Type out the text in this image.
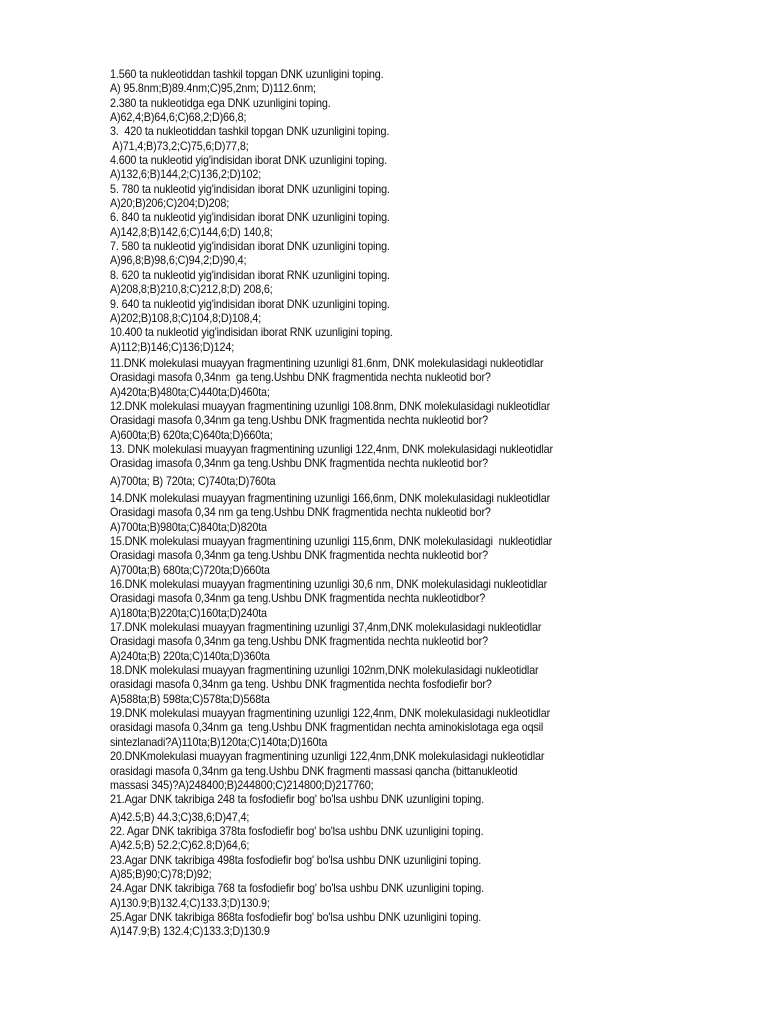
1.560 ta nukleotiddan tashkil topgan DNK uzunligini toping.
A) 95.8nm;B)89.4nm;C)95,2nm; D)112.6nm;
2.380 ta nukleotidga ega DNK uzunligini toping.
A)62,4;B)64,6;C)68,2;D)66,8;
3.  420 ta nukleotiddan tashkil topgan DNK uzunligini toping.
A)71,4;B)73,2;C)75,6;D)77,8;
4.600 ta nukleotid yig'indisidan iborat DNK uzunligini toping.
A)132,6;B)144,2;C)136,2;D)102;
5. 780 ta nukleotid yig'indisidan iborat DNK uzunligini toping.
A)20;B)206;C)204;D)208;
6. 840 ta nukleotid yig'indisidan iborat DNK uzunligini toping.
A)142,8;B)142,6;C)144,6;D) 140,8;
7. 580 ta nukleotid yig'indisidan iborat DNK uzunligini toping.
A)96,8;B)98,6;C)94,2;D)90,4;
8. 620 ta nukleotid yig'indisidan iborat RNK uzunligini toping.
A)208,8;B)210,8;C)212,8;D) 208,6;
9. 640 ta nukleotid yig'indisidan iborat DNK uzunligini toping.
A)202;B)108,8;C)104,8;D)108,4;
10.400 ta nukleotid yig'indisidan iborat RNK uzunligini toping.
A)112;B)146;C)136;D)124;
11.DNK molekulasi muayyan fragmentining uzunligi 81.6nm, DNK molekulasidagi nukleotidlar
Orasidagi masofa 0,34nm  ga teng.Ushbu DNK fragmentida nechta nukleotid bor?
A)420ta;B)480ta;C)440ta;D)460ta;
12.DNK molekulasi muayyan fragmentining uzunligi 108.8nm, DNK molekulasidagi nukleotidlar
Orasidagi masofa 0,34nm ga teng.Ushbu DNK fragmentida nechta nukleotid bor?
A)600ta;B) 620ta;C)640ta;D)660ta;
13. DNK molekulasi muayyan fragmentining uzunligi 122,4nm, DNK molekulasidagi nukleotidlar
Orasidag imasofa 0,34nm ga teng.Ushbu DNK fragmentida nechta nukleotid bor?
A)700ta; B) 720ta; C)740ta;D)760ta
14.DNK molekulasi muayyan fragmentining uzunligi 166,6nm, DNK molekulasidagi nukleotidlar
Orasidagi masofa 0,34 nm ga teng.Ushbu DNK fragmentida nechta nukleotid bor?
A)700ta;B)980ta;C)840ta;D)820ta
15.DNK molekulasi muayyan fragmentining uzunligi 115,6nm, DNK molekulasidagi  nukleotidlar
Orasidagi masofa 0,34nm ga teng.Ushbu DNK fragmentida nechta nukleotid bor?
A)700ta;B) 680ta;C)720ta;D)660ta
16.DNK molekulasi muayyan fragmentining uzunligi 30,6 nm, DNK molekulasidagi nukleotidlar
Orasidagi masofa 0,34nm ga teng.Ushbu DNK fragmentida nechta nukleotidbor?
A)180ta;B)220ta;C)160ta;D)240ta
17.DNK molekulasi muayyan fragmentining uzunligi 37,4nm,DNK molekulasidagi nukleotidlar
Orasidagi masofa 0,34nm ga teng.Ushbu DNK fragmentida nechta nukleotid bor?
A)240ta;B) 220ta;C)140ta;D)360ta
18.DNK molekulasi muayyan fragmentining uzunligi 102nm,DNK molekulasidagi nukleotidlar
orasidagi masofa 0,34nm ga teng. Ushbu DNK fragmentida nechta fosfodiefir bor?
A)588ta;B) 598ta;C)578ta;D)568ta
19.DNK molekulasi muayyan fragmentining uzunligi 122,4nm, DNK molekulasidagi nukleotidlar
orasidagi masofa 0,34nm ga  teng.Ushbu DNK fragmentidan nechta aminokislotaga ega oqsil
sintezlanadi?A)110ta;B)120ta;C)140ta;D)160ta
20.DNKmolekulasi muayyan fragmentining uzunligi 122,4nm,DNK molekulasidagi nukleotidlar
orasidagi masofa 0,34nm ga teng.Ushbu DNK fragmenti massasi qancha (bittanukleotid
massasi 345)?A)248400;B)244800;C)214800;D)217760;
21.Agar DNK takribiga 248 ta fosfodiefir bog' bo'lsa ushbu DNK uzunligini toping.
A)42.5;B) 44.3;C)38,6;D)47,4;
22. Agar DNK takribiga 378ta fosfodiefir bog' bo'lsa ushbu DNK uzunligini toping.
A)42.5;B) 52.2;C)62.8;D)64,6;
23.Agar DNK takribiga 498ta fosfodiefir bog' bo'lsa ushbu DNK uzunligini toping.
A)85;B)90;C)78;D)92;
24.Agar DNK takribiga 768 ta fosfodiefir bog' bo'lsa ushbu DNK uzunligini toping.
A)130.9;B)132.4;C)133.3;D)130.9;
25.Agar DNK takribiga 868ta fosfodiefir bog' bo'lsa ushbu DNK uzunligini toping.
A)147.9;B) 132.4;C)133.3;D)130.9
